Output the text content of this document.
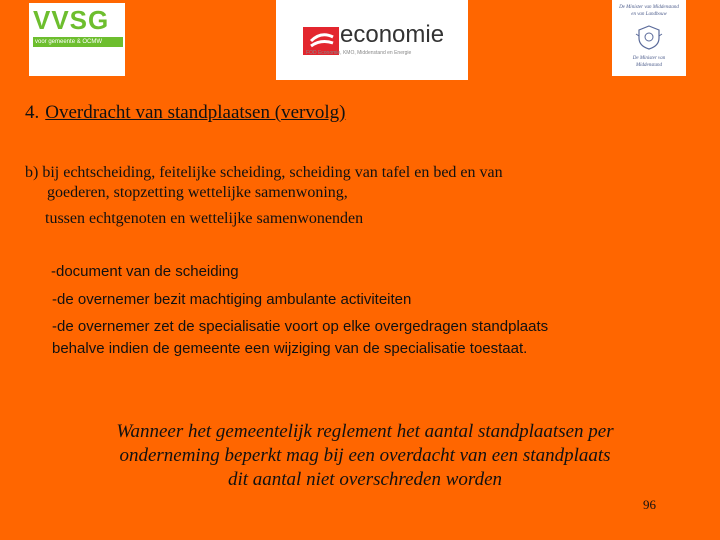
VVSG
voor gemeente & OCMW	economie
FOD Economie, KMO, Middenstand en Energie
De Minister van Middenstand
en van Landbouw
De Minister van
Middenstand
4. Overdracht van standplaatsen (vervolg)
b) bij echtscheiding, feitelijke scheiding, scheiding van tafel en bed en van
goederen, stopzetting wettelijke samenwoning,
tussen echtgenoten en wettelijke samenwonenden
-document van de scheiding
-de overnemer bezit machtiging ambulante activiteiten
-de overnemer zet de specialisatie voort op elke overgedragen standplaats
behalve indien de gemeente een wijziging van de specialisatie toestaat.
Wanneer het gemeentelijk reglement het aantal standplaatsen per
onderneming beperkt mag bij een overdacht van een standplaats
dit aantal niet overschreden worden
96
